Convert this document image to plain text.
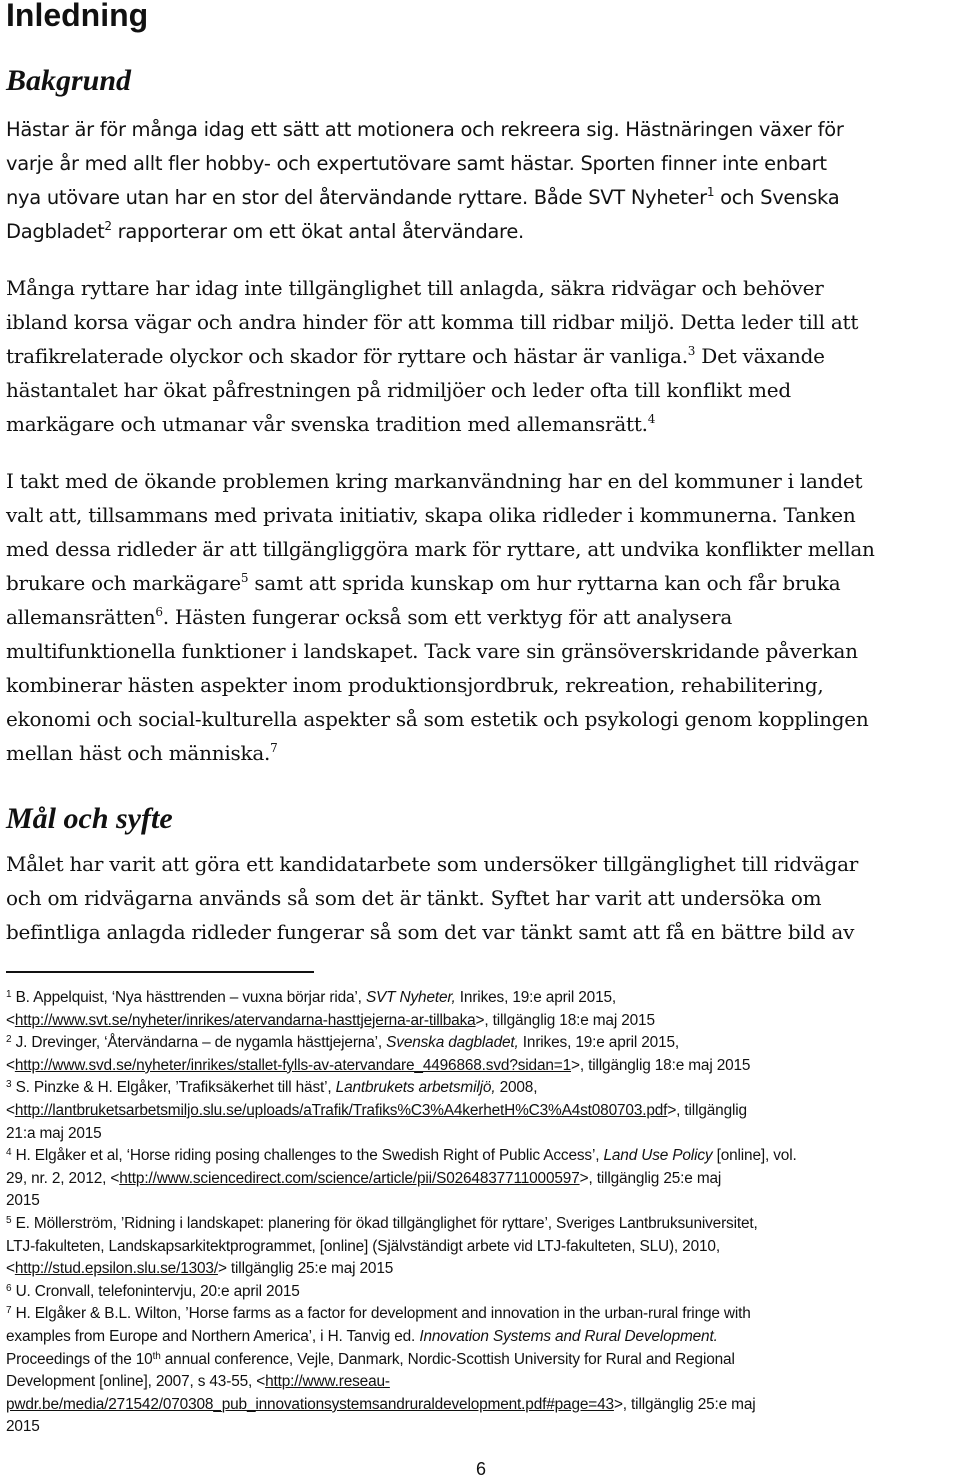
Inledning
Bakgrund
Hästar är för många idag ett sätt att motionera och rekreera sig. Hästnäringen växer för
varje år med allt fler hobby- och expertutövare samt hästar. Sporten finner inte enbart
nya utövare utan har en stor del återvändande ryttare. Både SVT Nyheter$^1$ och Svenska
Dagbladet$^2$ rapporterar om ett ökat antal återvändare.
Många ryttare har idag inte tillgänglighet till anlagda, säkra ridvägar och behöver
ibland korsa vägar och andra hinder för att komma till ridbar miljö. Detta leder till att
trafikrelaterade olyckor och skador för ryttare och hästar är vanliga.$^3$ Det växande
hästantalet har ökat påfrestningen på ridmiljöer och leder ofta till konflikt med
markägare och utmanar vår svenska tradition med allemansrätt.$^4$
I takt med de ökande problemen kring markanvändning har en del kommuner i landet
valt att, tillsammans med privata initiativ, skapa olika ridleder i kommunerna. Tanken
med dessa ridleder är att tillgängliggöra mark för ryttare, att undvika konflikter mellan
brukare och markägare$^5$ samt att sprida kunskap om hur ryttarna kan och får bruka
allemansrätten$^6$. Hästen fungerar också som ett verktyg för att analysera
multifunktionella funktioner i landskapet. Tack vare sin gränsöverskridande påverkan
kombinerar hästen aspekter inom produktionsjordbruk, rekreation, rehabilitering,
ekonomi och social-kulturella aspekter så som estetik och psykologi genom kopplingen
mellan häst och människa.$^7$
Mål och syfte
Målet har varit att göra ett kandidatarbete som undersöker tillgänglighet till ridvägar
och om ridvägarna används så som det är tänkt. Syftet har varit att undersöka om
befintliga anlagda ridleder fungerar så som det var tänkt samt att få en bättre bild av
$^1$ B. Appelquist, ‘Nya hästtrenden – vuxna börjar rida’, SVT Nyheter, Inrikes, 19:e april 2015,
<http://www.svt.se/nyheter/inrikes/atervandarna-hasttjejerna-ar-tillbaka>, tillgänglig 18:e maj 2015
$^2$ J. Drevinger, ‘Återvändarna – de nygamla hästtjejerna’, Svenska dagbladet, Inrikes, 19:e april 2015,
<http://www.svd.se/nyheter/inrikes/stallet-fylls-av-atervandare_4496868.svd?sidan=1>, tillgänglig 18:e maj 2015
$^3$ S. Pinzke & H. Elgåker, ’Trafiksäkerhet till häst’, Lantbrukets arbetsmiljö, 2008,
<http://lantbruketsarbetsmiljo.slu.se/uploads/aTrafik/Trafiks%C3%A4kerhetH%C3%A4st080703.pdf>, tillgänglig
21:a maj 2015
$^4$ H. Elgåker et al, ‘Horse riding posing challenges to the Swedish Right of Public Access’, Land Use Policy [online], vol.
29, nr. 2, 2012, <http://www.sciencedirect.com/science/article/pii/S0264837711000597>, tillgänglig 25:e maj
2015
$^5$ E. Möllerström, ’Ridning i landskapet: planering för ökad tillgänglighet för ryttare’, Sveriges Lantbruksuniversitet,
LTJ-fakulteten, Landskapsarkitektprogrammet, [online] (Självständigt arbete vid LTJ-fakulteten, SLU), 2010,
<http://stud.epsilon.slu.se/1303/> tillgänglig 25:e maj 2015
$^6$ U. Cronvall, telefonintervju, 20:e april 2015
$^7$ H. Elgåker & B.L. Wilton, ’Horse farms as a factor for development and innovation in the urban-rural fringe with
examples from Europe and Northern America’, i H. Tanvig ed. Innovation Systems and Rural Development.
Proceedings of the 10th annual conference, Vejle, Danmark, Nordic-Scottish University for Rural and Regional
Development [online], 2007, s 43-55, <http://www.reseau-
pwdr.be/media/271542/070308_pub_innovationsystemsandruraldevelopment.pdf#page=43>, tillgänglig 25:e maj
2015
6
